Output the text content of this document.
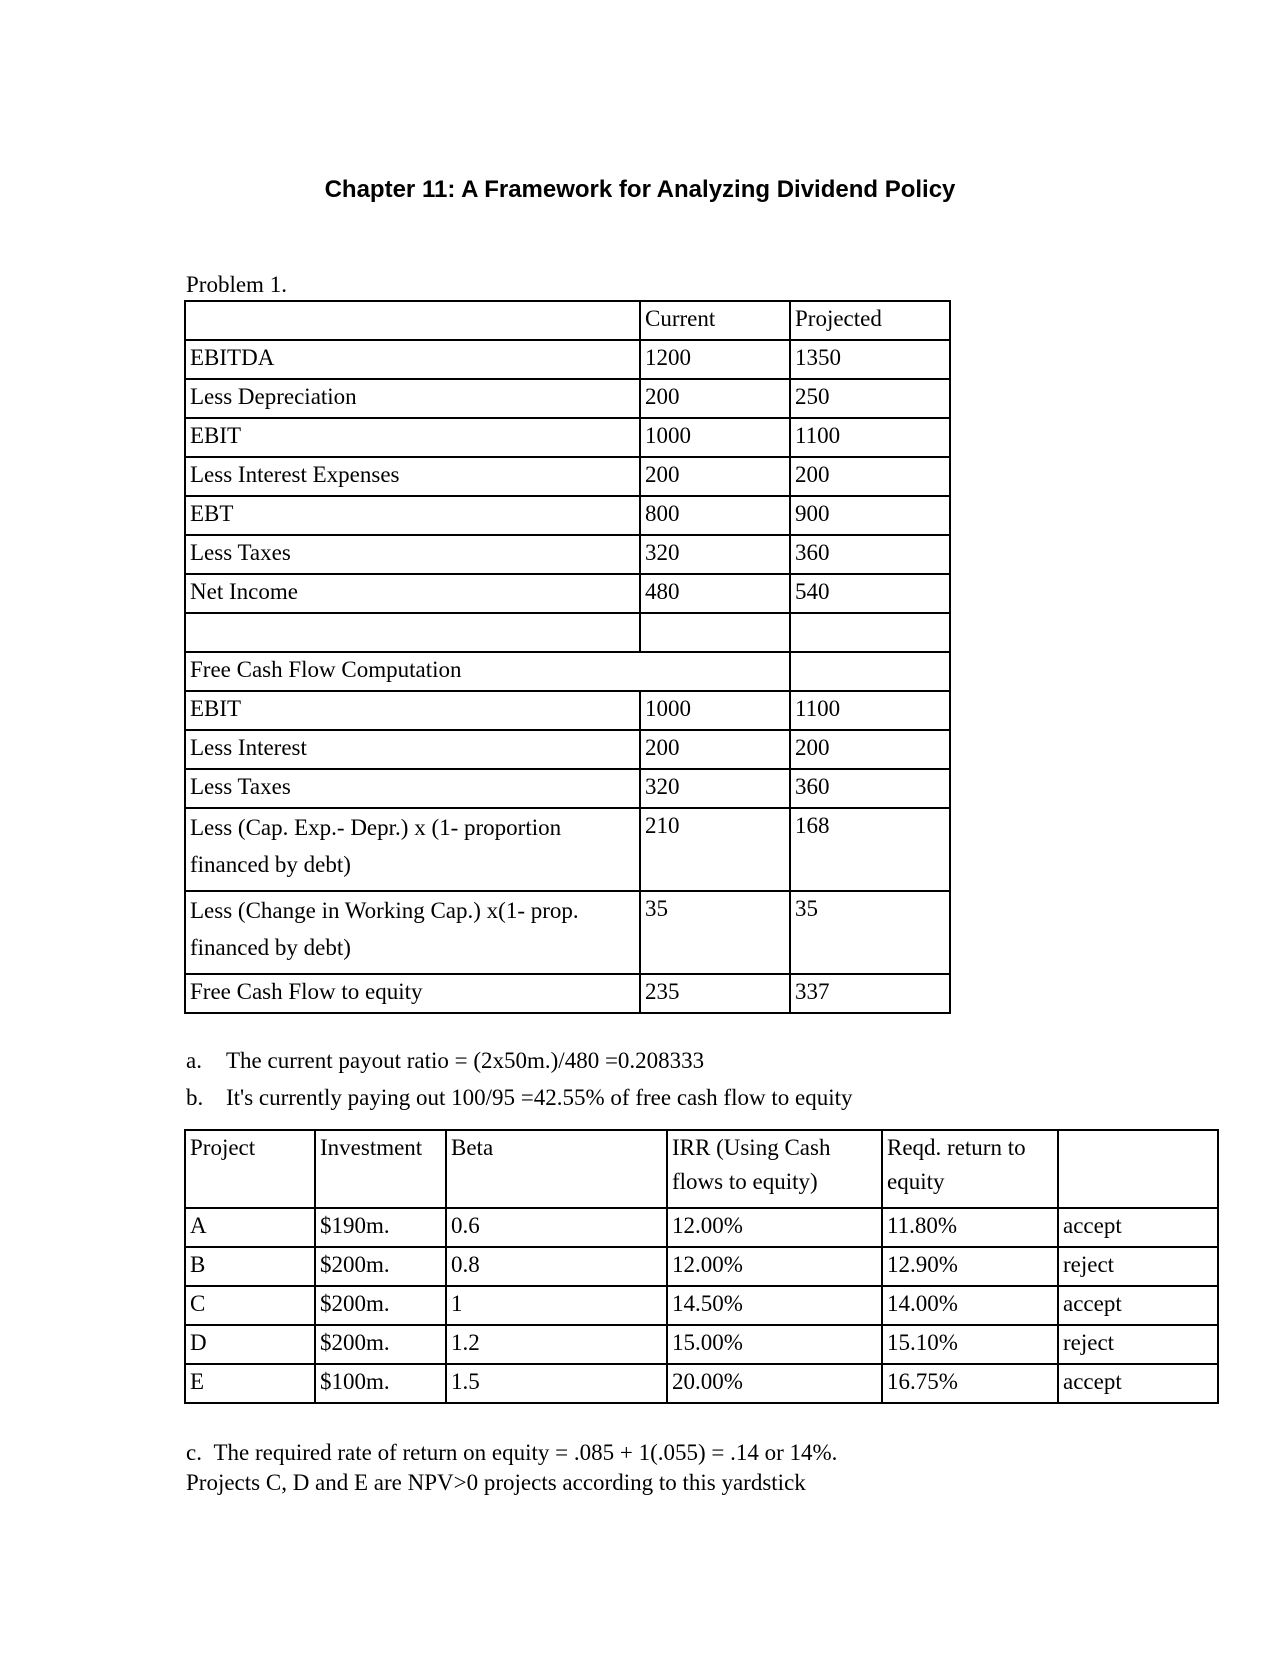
Chapter 11: A Framework for Analyzing Dividend Policy
Problem 1.
	Current	Projected
EBITDA	1200	1350
Less Depreciation	200	250
EBIT	1000	1100
Less Interest Expenses	200	200
EBT	800	900
Less Taxes	320	360
Net Income	480	540

Free Cash Flow Computation		
EBIT	1000	1100
Less Interest	200	200
Less Taxes	320	360
Less (Cap. Exp.- Depr.) x (1- proportion financed by debt)	210	168
Less (Change in Working Cap.) x(1- prop. financed by debt)	35	35
Free Cash Flow to equity	235	337

a. The current payout ratio = (2x50m.)/480 =0.208333

b. It's currently paying out 100/95 =42.55% of free cash flow to equity

Project	Investment	Beta	IRR (Using Cash flows to equity)	Reqd. return to equity	
A	$190m.	0.6	12.00%	11.80%	accept
B	$200m.	0.8	12.00%	12.90%	reject
C	$200m.	1	14.50%	14.00%	accept
D	$200m.	1.2	15.00%	15.10%	reject
E	$100m.	1.5	20.00%	16.75%	accept

c. The required rate of return on equity = .085 + 1(.055) = .14 or 14%.

Projects C, D and E are NPV>0 projects according to this yardstick
